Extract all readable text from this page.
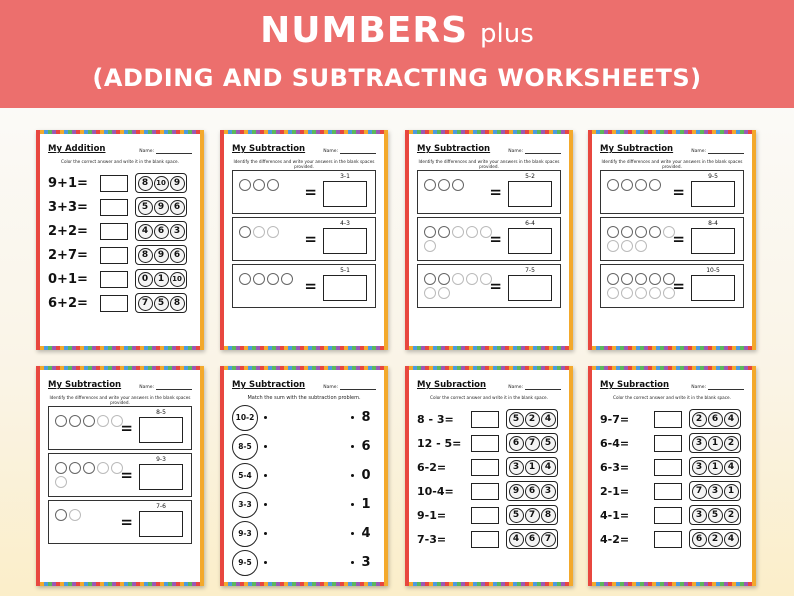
NUMBERS plus
(ADDING AND SUBTRACTING WORKSHEETS)
My Addition	Name:
Color the correct answer and write it in the blank space.
9+1=	8	10 9
3+3=	5	9	6
2+2=	4	6	3
2+7=	8	9	6
0+1=	0	1	10
6+2=	7	5	8
My Subtraction	Name:
Identify the differences and write your answers in the blank spaces provided.
=
3-1
=
4-3
=
5-1
My Subtraction	Name:
Identify the differences and write your answers in the blank spaces provided.
=
5-2
=
6-4
=
7-5
My Subtraction	Name:
Identify the differences and write your answers in the blank spaces provided.
=
9-5
=
8-4
=
10-5
My Subtraction	Name:
Identify the differences and write your answers in the blank spaces provided.
=
8-5
=
9-3
=
7-6
My Subtraction	Name:
Match the sum with the subtraction problem.
10-2	8
8-5	6
5-4	0
3-3	1
9-3	4
9-5	3
My Subraction	Name:
Color the correct answer and write it in the blank space.
8 - 3=	5	2	4
12 - 5=	6	7	5
6-2=	3	1	4
10-4=	9	6	3
9-1=	5	7	8
7-3=	4	6	7
My Subraction	Name:
Color the correct answer and write it in the blank space.
9-7=	2	6	4
6-4=	3	1	2
6-3=	3	1	4
2-1=	7	3	1
4-1=	3	5	2
4-2=	6	2	4
